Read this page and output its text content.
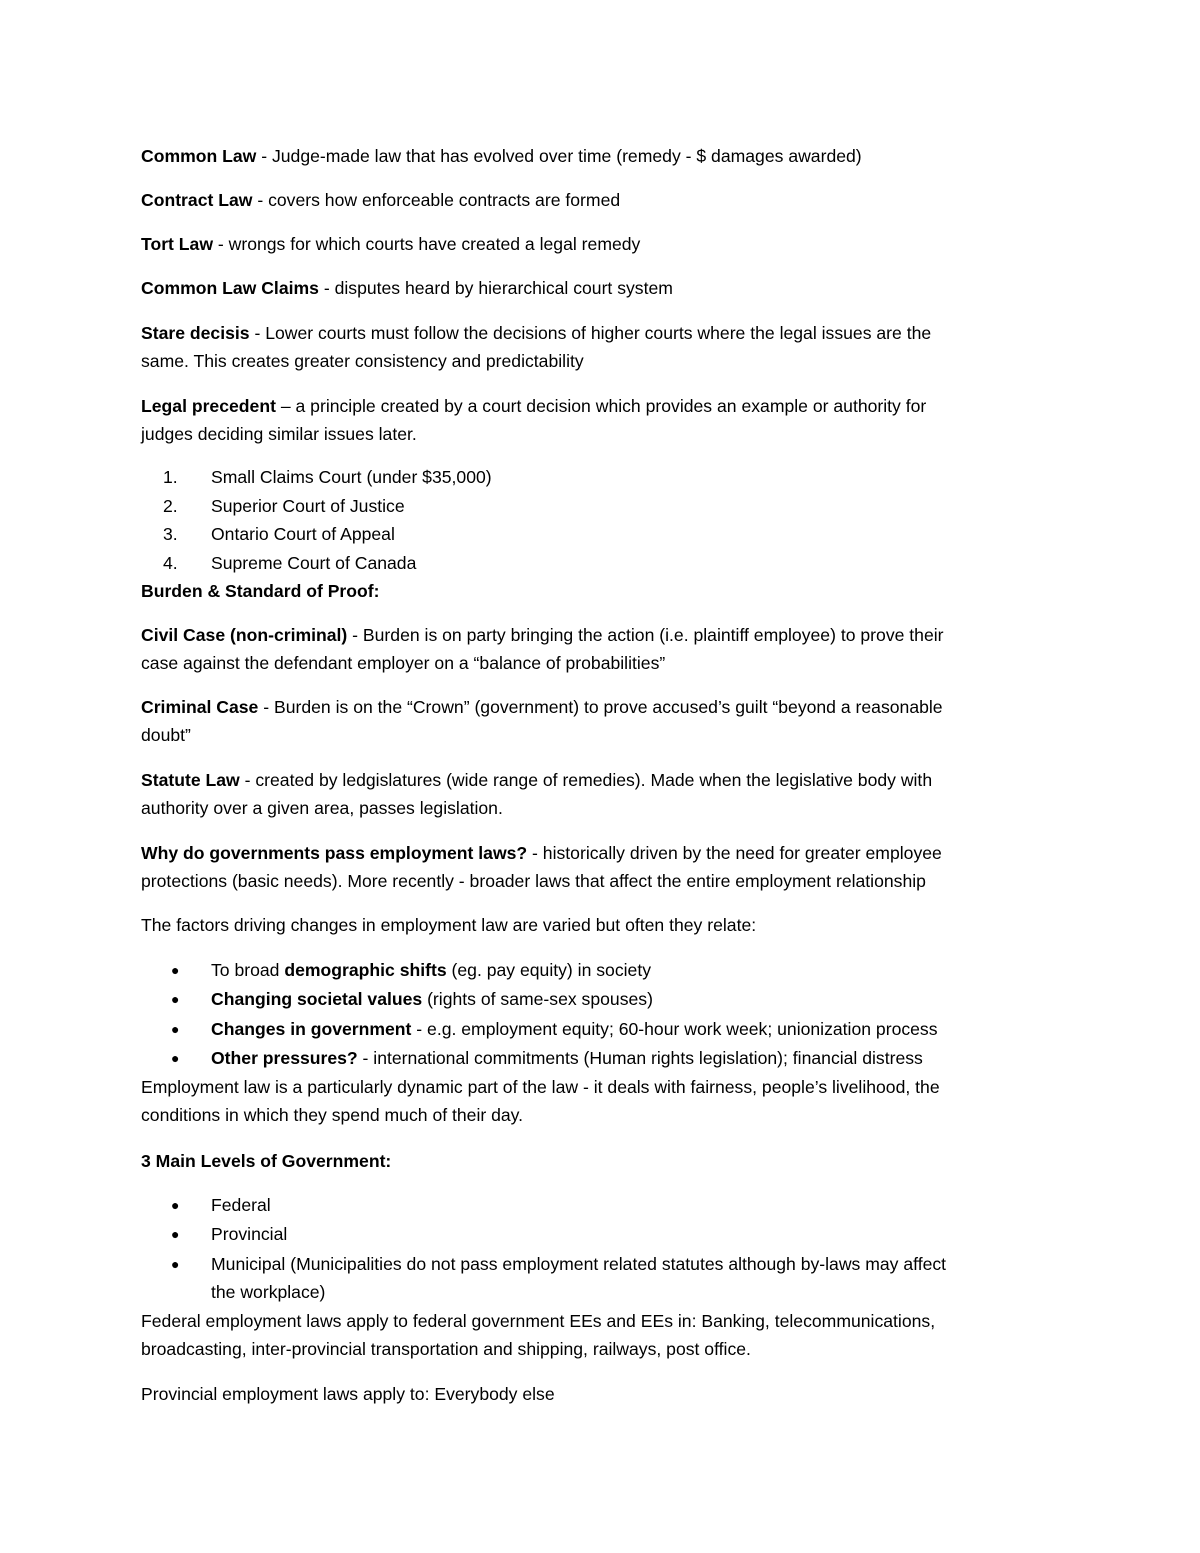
Common Law - Judge-made law that has evolved over time (remedy - $ damages awarded)

Contract Law - covers how enforceable contracts are formed

Tort Law - wrongs for which courts have created a legal remedy

Common Law Claims - disputes heard by hierarchical court system

Stare decisis - Lower courts must follow the decisions of higher courts where the legal issues are the

same. This creates greater consistency and predictability

Legal precedent – a principle created by a court decision which provides an example or authority for

judges deciding similar issues later.

1.	Small Claims Court (under $35,000)

2.	Superior Court of Justice

3.	Ontario Court of Appeal

4.	Supreme Court of Canada

Burden & Standard of Proof:

Civil Case (non-criminal) - Burden is on party bringing the action (i.e. plaintiff employee) to prove their

case against the defendant employer on a “balance of probabilities”

Criminal Case - Burden is on the “Crown” (government) to prove accused’s guilt “beyond a reasonable

doubt”

Statute Law - created by ledgislatures (wide range of remedies). Made when the legislative body with

authority over a given area, passes legislation.

Why do governments pass employment laws? - historically driven by the need for greater employee

protections (basic needs). More recently - broader laws that affect the entire employment relationship

The factors driving changes in employment law are varied but often they relate:

●	To broad demographic shifts (eg. pay equity) in society

●	Changing societal values (rights of same-sex spouses)

●	Changes in government - e.g. employment equity; 60-hour work week; unionization process

●	Other pressures? - international commitments (Human rights legislation); financial distress

Employment law is a particularly dynamic part of the law - it deals with fairness, people’s livelihood, the

conditions in which they spend much of their day.

3 Main Levels of Government:

●	Federal

●	Provincial

●	Municipal (Municipalities do not pass employment related statutes although by-laws may affect

the workplace)

Federal employment laws apply to federal government EEs and EEs in: Banking, telecommunications,

broadcasting, inter-provincial transportation and shipping, railways, post office.

Provincial employment laws apply to: Everybody else
